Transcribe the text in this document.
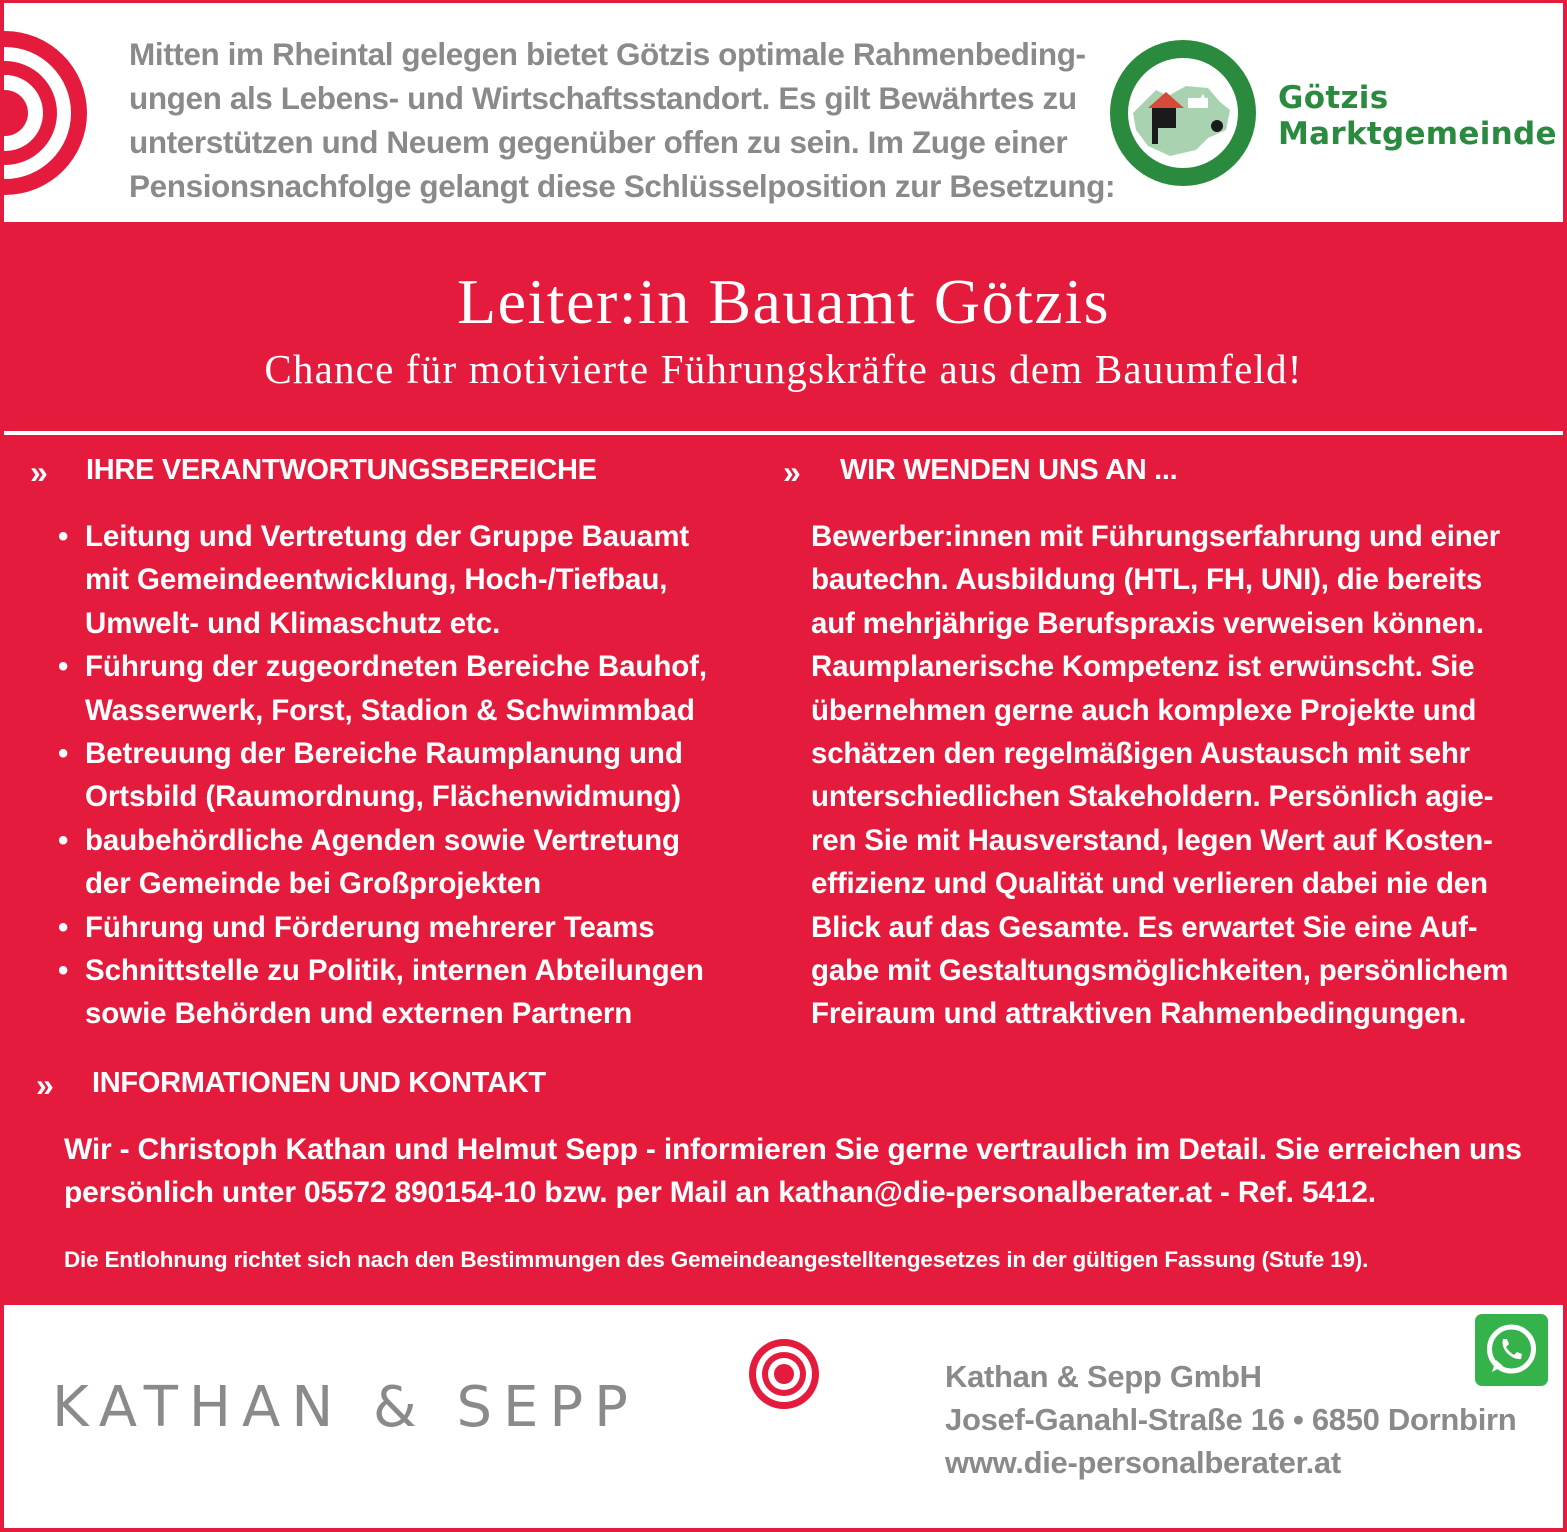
Mitten im Rheintal gelegen bietet Götzis optimale Rahmenbeding-
ungen als Lebens- und Wirtschaftsstandort. Es gilt Bewährtes zu
unterstützen und Neuem gegenüber offen zu sein. Im Zuge einer
Pensionsnachfolge gelangt diese Schlüsselposition zur Besetzung:
Götzis
Marktgemeinde
Leiter:in Bauamt Götzis
Chance für motivierte Führungskräfte aus dem Bauumfeld!
» IHRE VERANTWORTUNGSBEREICHE	» WIR WENDEN UNS AN ...
• Leitung und Vertretung der Gruppe Bauamt
mit Gemeindeentwicklung, Hoch-/Tiefbau,
Umwelt- und Klimaschutz etc.
• Führung der zugeordneten Bereiche Bauhof,
Wasserwerk, Forst, Stadion & Schwimmbad
• Betreuung der Bereiche Raumplanung und
Ortsbild (Raumordnung, Flächenwidmung)
• baubehördliche Agenden sowie Vertretung
der Gemeinde bei Großprojekten
• Führung und Förderung mehrerer Teams
• Schnittstelle zu Politik, internen Abteilungen
sowie Behörden und externen Partnern
Bewerber:innen mit Führungserfahrung und einer
bautechn. Ausbildung (HTL, FH, UNI), die bereits
auf mehrjährige Berufspraxis verweisen können.
Raumplanerische Kompetenz ist erwünscht. Sie
übernehmen gerne auch komplexe Projekte und
schätzen den regelmäßigen Austausch mit sehr
unterschiedlichen Stakeholdern. Persönlich agie-
ren Sie mit Hausverstand, legen Wert auf Kosten-
effizienz und Qualität und verlieren dabei nie den
Blick auf das Gesamte. Es erwartet Sie eine Auf-
gabe mit Gestaltungsmöglichkeiten, persönlichem
Freiraum und attraktiven Rahmenbedingungen.
» INFORMATIONEN UND KONTAKT
Wir - Christoph Kathan und Helmut Sepp - informieren Sie gerne vertraulich im Detail. Sie erreichen uns
persönlich unter 05572 890154-10 bzw. per Mail an kathan@die-personalberater.at - Ref. 5412.
Die Entlohnung richtet sich nach den Bestimmungen des Gemeindeangestelltengesetzes in der gültigen Fassung (Stufe 19).
KATHAN & SEPP	Kathan & Sepp GmbH
Josef-Ganahl-Straße 16 • 6850 Dornbirn
www.die-personalberater.at
